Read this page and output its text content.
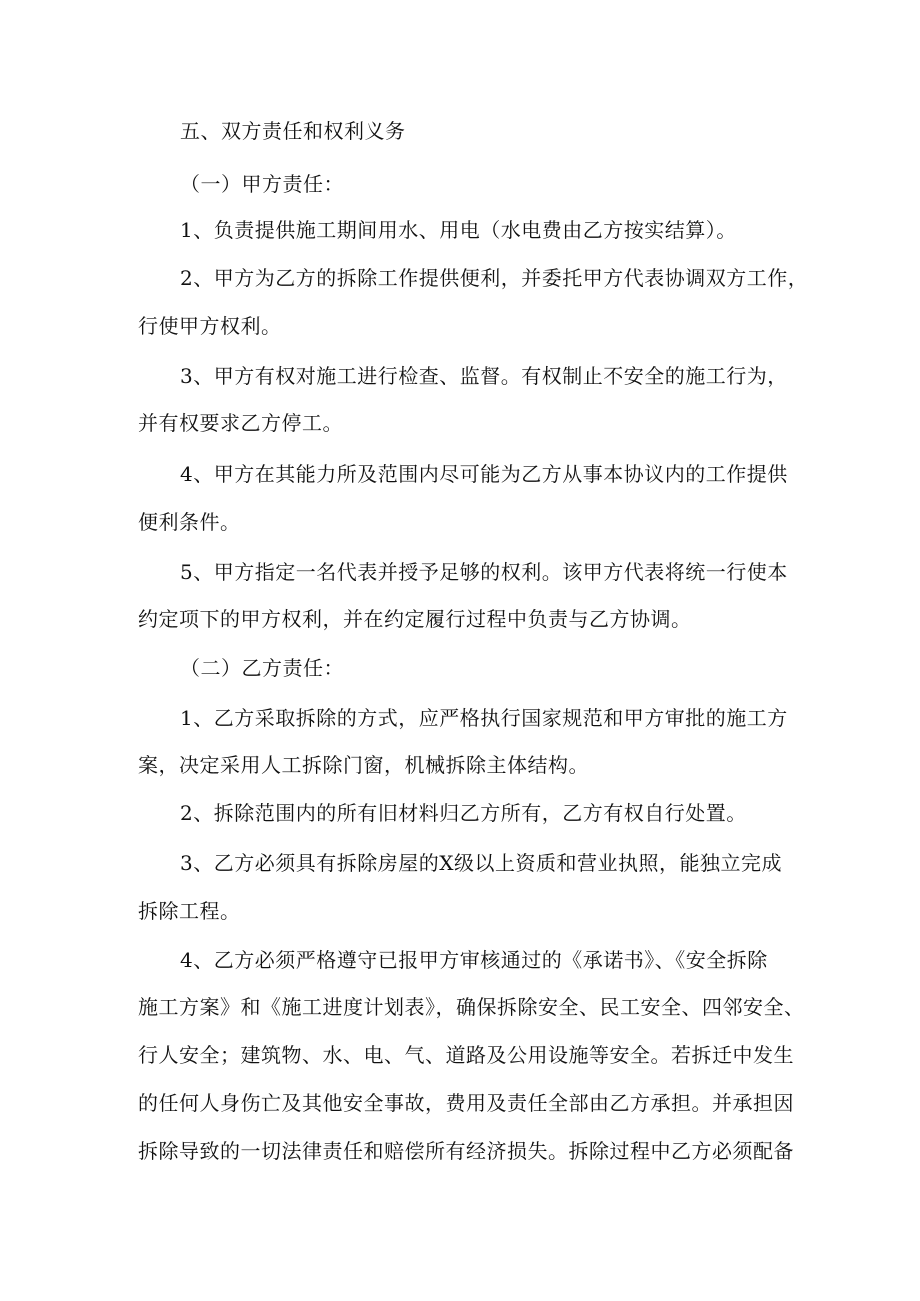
五、双方责任和权利义务
（一）甲方责任：
1、负责提供施工期间用水、用电（水电费由乙方按实结算）。
2、甲方为乙方的拆除工作提供便利，并委托甲方代表协调双方工作，
行使甲方权利。
3、甲方有权对施工进行检查、监督。有权制止不安全的施工行为，
并有权要求乙方停工。
4、甲方在其能力所及范围内尽可能为乙方从事本协议内的工作提供
便利条件。
5、甲方指定一名代表并授予足够的权利。该甲方代表将统一行使本
约定项下的甲方权利，并在约定履行过程中负责与乙方协调。
（二）乙方责任：
1、乙方采取拆除的方式，应严格执行国家规范和甲方审批的施工方
案，决定采用人工拆除门窗，机械拆除主体结构。
2、拆除范围内的所有旧材料归乙方所有，乙方有权自行处置。
3、乙方必须具有拆除房屋的X级以上资质和营业执照，能独立完成
拆除工程。
4、乙方必须严格遵守已报甲方审核通过的《承诺书》、《安全拆除
施工方案》和《施工进度计划表》，确保拆除安全、民工安全、四邻安全、
行人安全；建筑物、水、电、气、道路及公用设施等安全。若拆迁中发生
的任何人身伤亡及其他安全事故，费用及责任全部由乙方承担。并承担因
拆除导致的一切法律责任和赔偿所有经济损失。拆除过程中乙方必须配备
